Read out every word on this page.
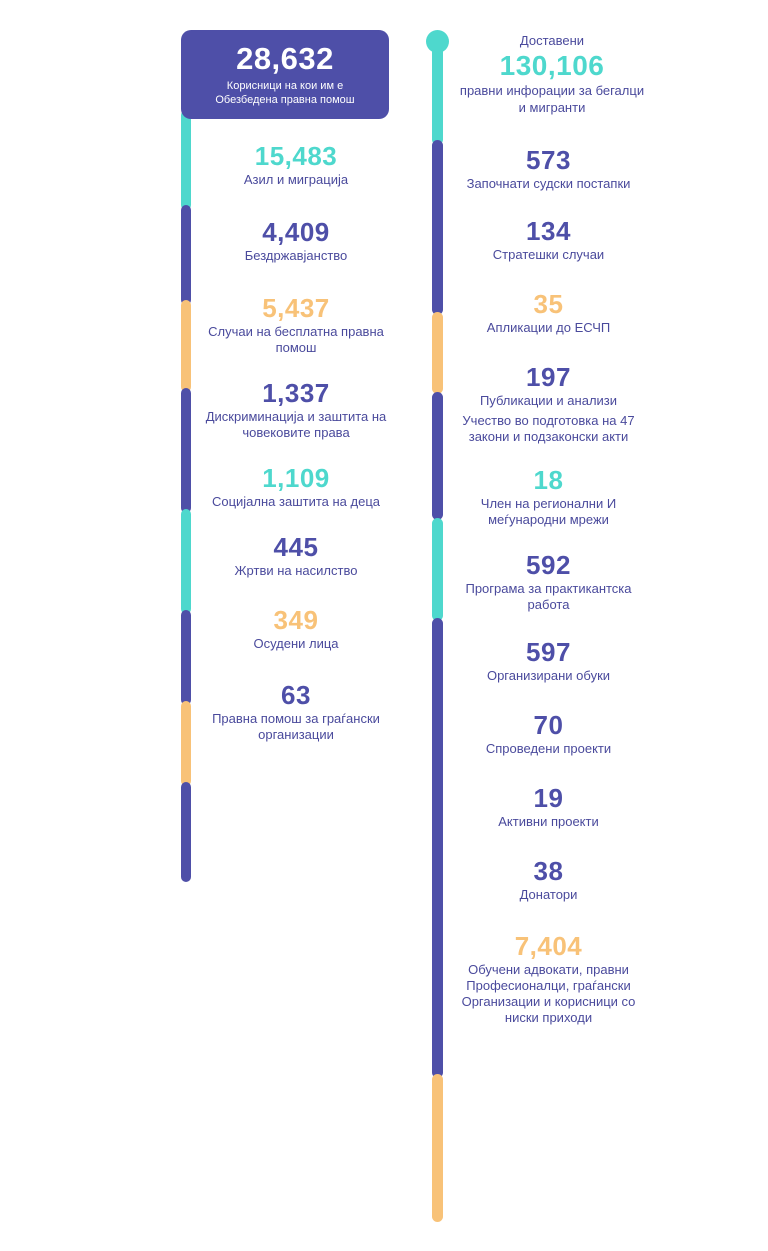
28,632
Корисници на кои им е Обезбедена правна помош
15,483
Азил и миграција
4,409
Бездржавјанство
5,437
Случаи на бесплатна правна помош
1,337
Дискриминација и заштита на човековите права
1,109
Социјална заштита на деца
445
Жртви на насилство
349
Осудени лица
63
Правна помош за граѓански организации
Доставени
130,106
правни инфорации за бегалци и мигранти
573
Започнати судски постапки
134
Стратешки случаи
35
Апликации до ЕСЧП
197
Публикации и анализи
Учество во подготовка на 47 закони и подзаконски акти
18
Член на регионални И меѓународни мрежи
592
Програма за практикантска работа
597
Организирани обуки
70
Спроведени проекти
19
Активни проекти
38
Донатори
7,404
Обучени адвокати, правни Професионалци, граѓански Организации и корисници со ниски приходи
